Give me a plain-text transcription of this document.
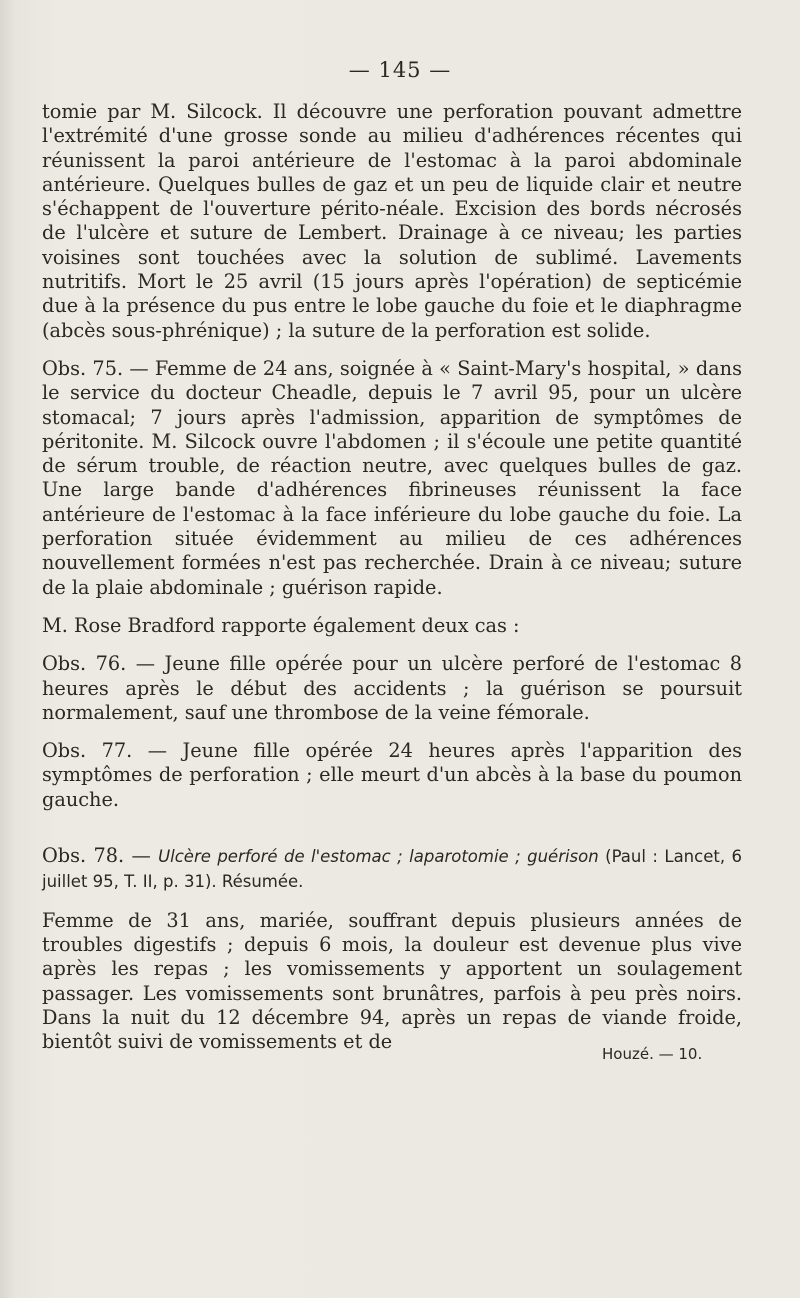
— 145 —

tomie par M. Silcock. Il découvre une perforation pouvant admettre l'extrémité d'une grosse sonde au milieu d'adhérences récentes qui réunissent la paroi antérieure de l'estomac à la paroi abdominale antérieure. Quelques bulles de gaz et un peu de liquide clair et neutre s'échappent de l'ouverture périto-néale. Excision des bords nécrosés de l'ulcère et suture de Lembert. Drainage à ce niveau; les parties voisines sont touchées avec la solution de sublimé. Lavements nutritifs. Mort le 25 avril (15 jours après l'opération) de septicémie due à la présence du pus entre le lobe gauche du foie et le diaphragme (abcès sous-phrénique) ; la suture de la perforation est solide.

Obs. 75. — Femme de 24 ans, soignée à « Saint-Mary's hospital, » dans le service du docteur Cheadle, depuis le 7 avril 95, pour un ulcère stomacal; 7 jours après l'admission, apparition de symptômes de péritonite. M. Silcock ouvre l'abdomen ; il s'écoule une petite quantité de sérum trouble, de réaction neutre, avec quelques bulles de gaz. Une large bande d'adhérences fibrineuses réunissent la face antérieure de l'estomac à la face inférieure du lobe gauche du foie. La perforation située évidemment au milieu de ces adhérences nouvellement formées n'est pas recherchée. Drain à ce niveau; suture de la plaie abdominale ; guérison rapide.

M. Rose Bradford rapporte également deux cas :

Obs. 76. — Jeune fille opérée pour un ulcère perforé de l'estomac 8 heures après le début des accidents ; la guérison se poursuit normalement, sauf une thrombose de la veine fémorale.

Obs. 77. — Jeune fille opérée 24 heures après l'apparition des symptômes de perforation ; elle meurt d'un abcès à la base du poumon gauche.

Obs. 78. — Ulcère perforé de l'estomac ; laparotomie ; guérison (Paul : Lancet, 6 juillet 95, T. II, p. 31). Résumée.

Femme de 31 ans, mariée, souffrant depuis plusieurs années de troubles digestifs ; depuis 6 mois, la douleur est devenue plus vive après les repas ; les vomissements y apportent un soulagement passager. Les vomissements sont brunâtres, parfois à peu près noirs. Dans la nuit du 12 décembre 94, après un repas de viande froide, bientôt suivi de vomissements et de

Houzé. — 10.
